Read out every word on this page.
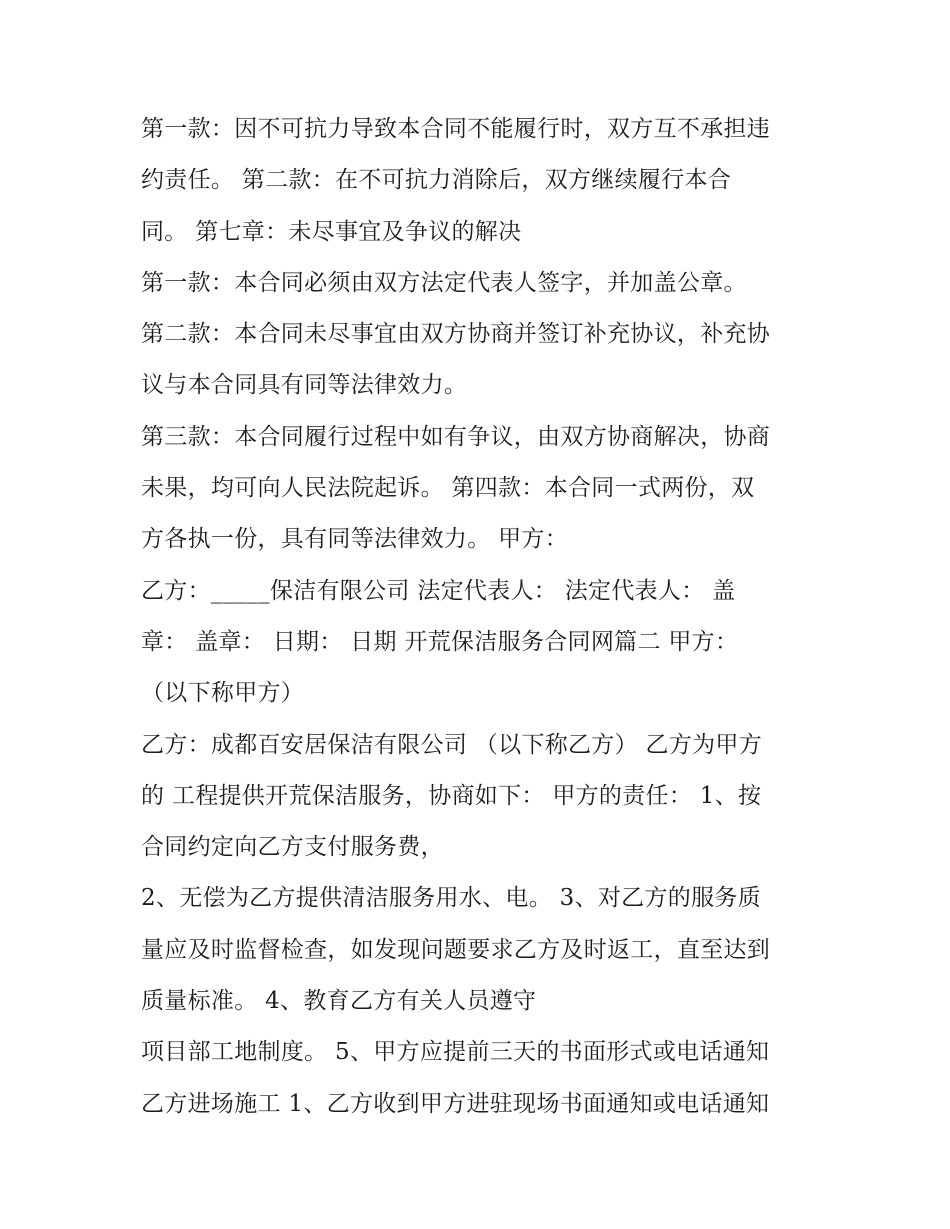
第一款：因不可抗力导致本合同不能履行时，双方互不承担违
约责任。 第二款：在不可抗力消除后，双方继续履行本合
同。 第七章：未尽事宜及争议的解决
第一款：本合同必须由双方法定代表人签字，并加盖公章。
第二款：本合同未尽事宜由双方协商并签订补充协议，补充协
议与本合同具有同等法律效力。
第三款：本合同履行过程中如有争议，由双方协商解决，协商
未果，均可向人民法院起诉。 第四款：本合同一式两份，双
方各执一份，具有同等法律效力。 甲方：
乙方：_____保洁有限公司 法定代表人： 法定代表人： 盖
章： 盖章： 日期： 日期 开荒保洁服务合同网篇二 甲方：
（以下称甲方）
乙方：成都百安居保洁有限公司 （以下称乙方） 乙方为甲方
的 工程提供开荒保洁服务，协商如下： 甲方的责任： 1、按
合同约定向乙方支付服务费，
2、无偿为乙方提供清洁服务用水、电。 3、对乙方的服务质
量应及时监督检查，如发现问题要求乙方及时返工，直至达到
质量标准。 4、教育乙方有关人员遵守
项目部工地制度。 5、甲方应提前三天的书面形式或电话通知
乙方进场施工 1、乙方收到甲方进驻现场书面通知或电话通知
